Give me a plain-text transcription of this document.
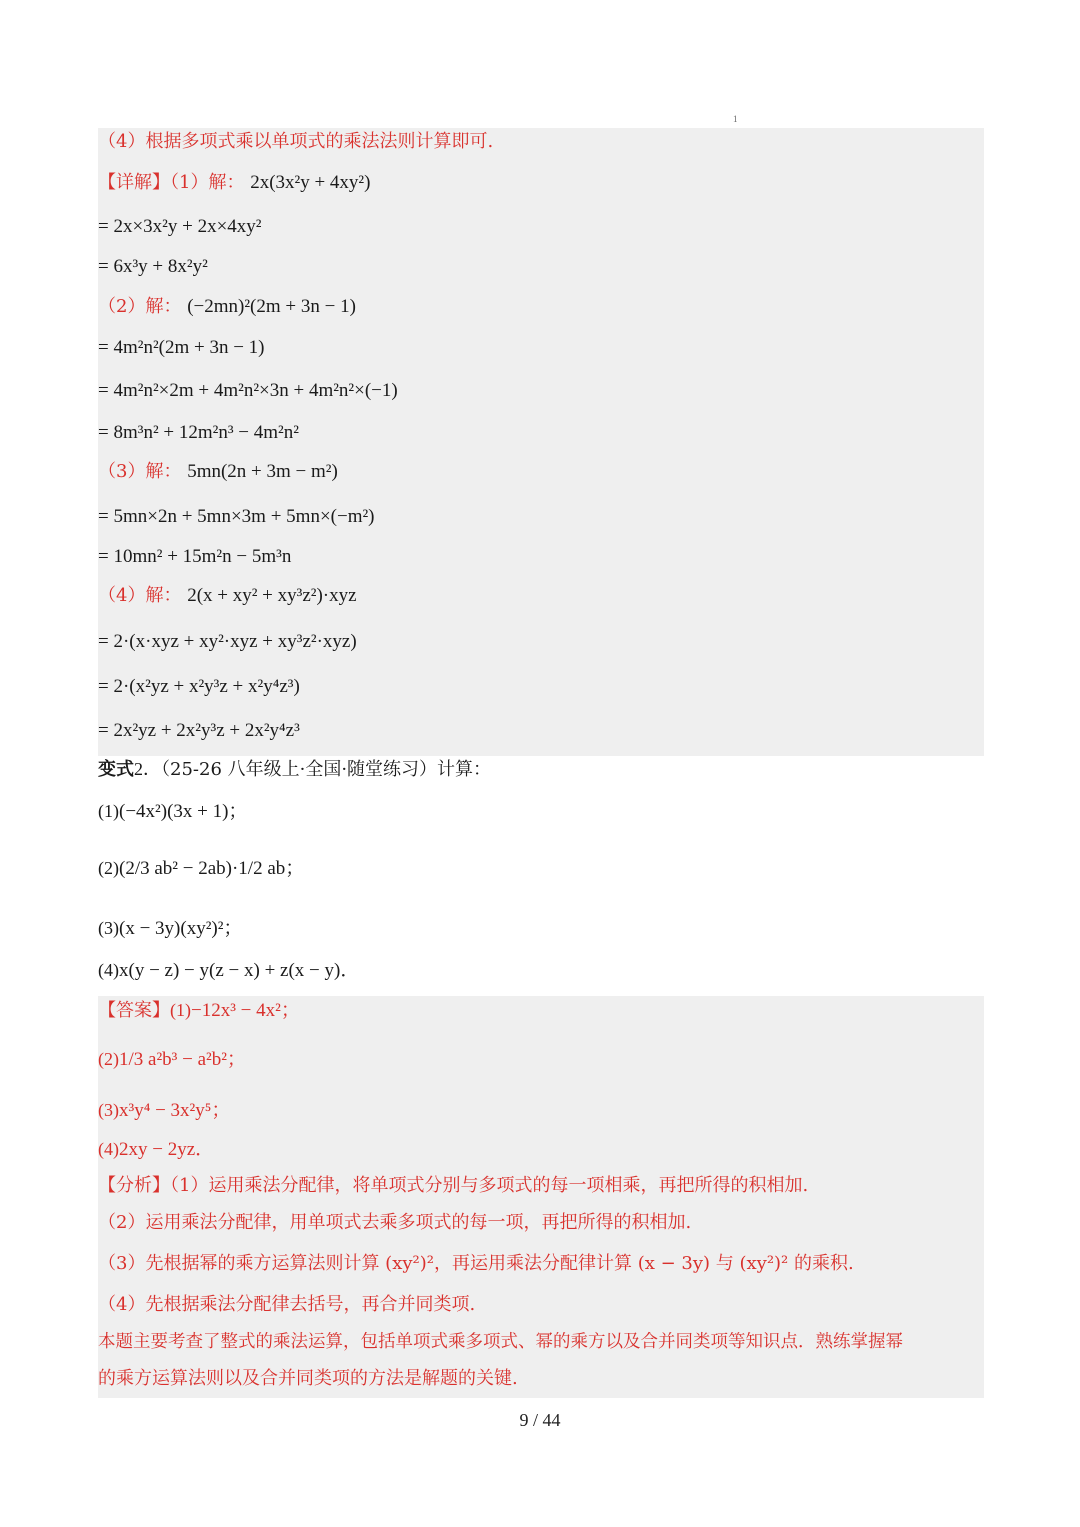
1
（4）根据多项式乘以单项式的乘法法则计算即可.
【详解】（1）解： 2x(3x²y + 4xy²)
= 2x×3x²y + 2x×4xy²
= 6x³y + 8x²y²
（2）解： (−2mn)²(2m + 3n − 1)
= 4m²n²(2m + 3n − 1)
= 4m²n²×2m + 4m²n²×3n + 4m²n²×(−1)
= 8m³n² + 12m²n³ − 4m²n²
（3）解： 5mn(2n + 3m − m²)
= 5mn×2n + 5mn×3m + 5mn×(−m²)
= 10mn² + 15m²n − 5m³n
（4）解： 2(x + xy² + xy³z²)·xyz
= 2·(x·xyz + xy²·xyz + xy³z²·xyz)
= 2·(x²yz + x²y³z + x²y⁴z³)
= 2x²yz + 2x²y³z + 2x²y⁴z³
变式2．（25-26 八年级上·全国·随堂练习）计算：
(1)(−4x²)(3x + 1)；
(2)(2/3 ab² − 2ab)·1/2 ab；
(3)(x − 3y)(xy²)²；
(4)x(y − z) − y(z − x) + z(x − y)．
【答案】(1)−12x³ − 4x²；
(2)1/3 a²b³ − a²b²；
(3)x³y⁴ − 3x²y⁵；
(4)2xy − 2yz．
【分析】（1）运用乘法分配律，将单项式分别与多项式的每一项相乘，再把所得的积相加.
（2）运用乘法分配律，用单项式去乘多项式的每一项，再把所得的积相加.
（3）先根据幂的乘方运算法则计算 (xy²)²，再运用乘法分配律计算 (x − 3y) 与 (xy²)² 的乘积.
（4）先根据乘法分配律去括号，再合并同类项.
本题主要考查了整式的乘法运算，包括单项式乘多项式、幂的乘方以及合并同类项等知识点．熟练掌握幂
的乘方运算法则以及合并同类项的方法是解题的关键.
9 / 44
